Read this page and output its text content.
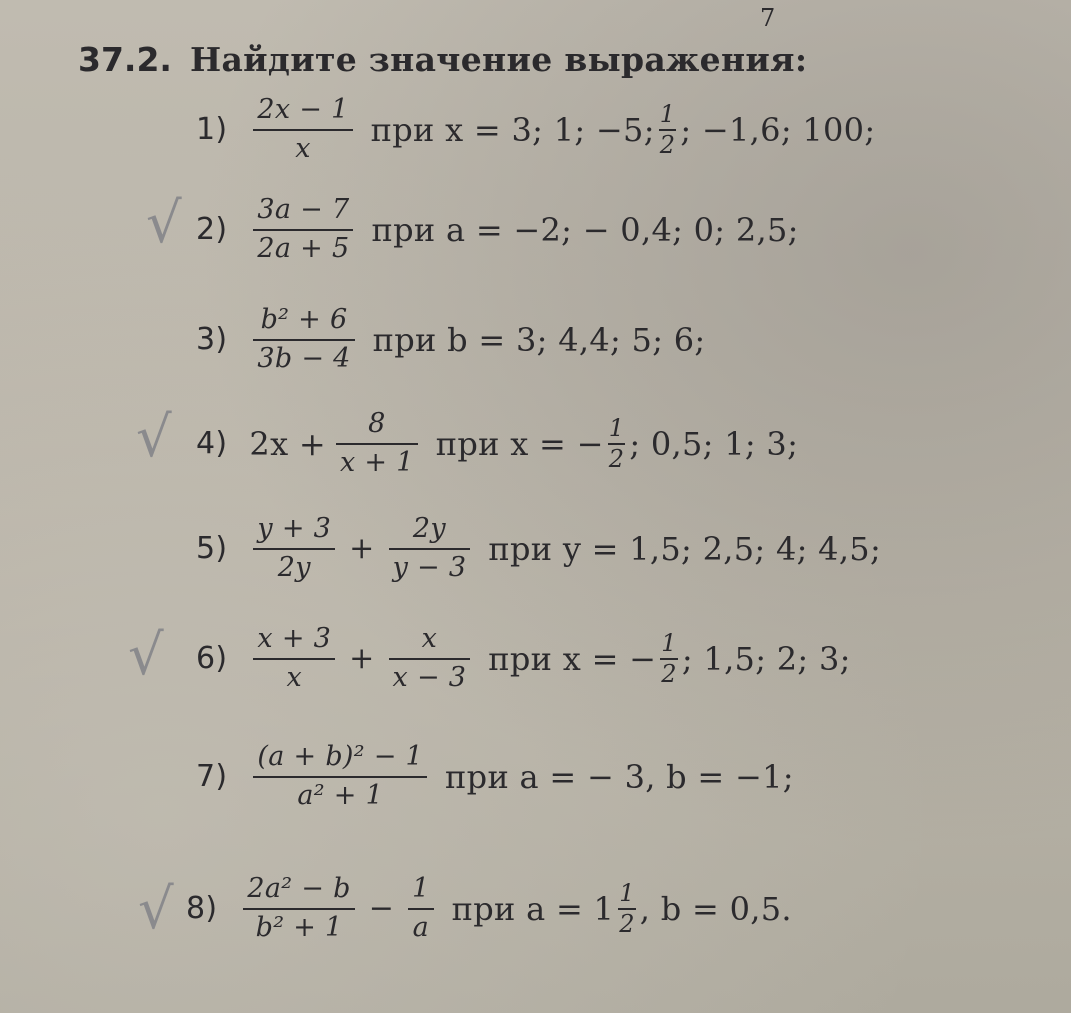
7
37.2. Найдите значение выражения:
$1) \frac{2x - 1}{x}$ при x = 3; 1; −5; $\frac{1}{2}$ ; −1,6; 100;
√ $2) \frac{3a - 7}{2a + 5}$ при a = −2; − 0,4; 0; 2,5;
$3) \frac{\text{b² + 6}}{3b - 4}$ при b = 3; 4,4; 5; 6;
√ 4) $2x + \frac{8}{x + 1}$ при x = − $\frac{1}{2}$ ; 0,5; 1; 3;
$5) \frac{y + 3}{2y} + \frac{2y}{y - 3}$ при y = 1,5; 2,5; 4; 4,5;
√ $6) \frac{x + 3}{x} + \frac{x}{x - 3}$ при x = − $\frac{1}{2}$ ; 1,5; 2; 3;
$7) \frac{\text{(a + b)² − 1}}{\text{a² + 1}}$ при a = − 3, b = −1;
√ $8) \frac{\text{2a² − b}}{\text{b² + 1}} - \frac{1}{a}$ при $a = 1 \frac{1}{2}$ , b = 0,5.
